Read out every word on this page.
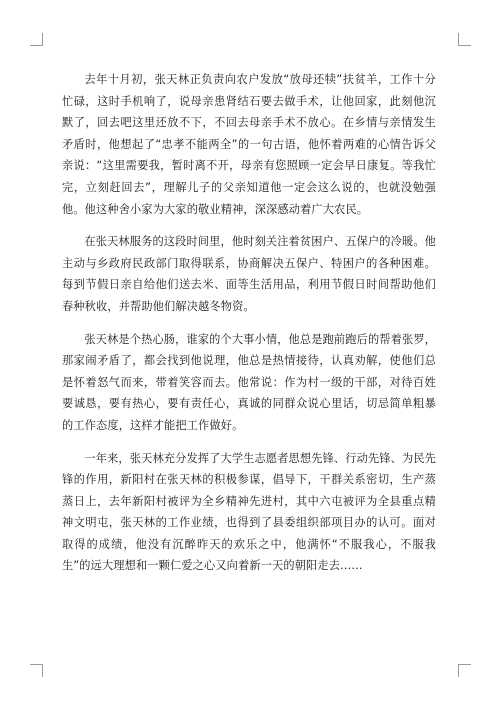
去年十月初，张天林正负责向农户发放“放母还犊”扶贫羊，工作十分忙碌，这时手机响了，说母亲患肾结石要去做手术，让他回家，此刻他沉默了，回去吧这里还放不下，不回去母亲手术不放心。在乡情与亲情发生矛盾时，他想起了“忠孝不能两全”的一句古语，他怀着两难的心情告诉父亲说：“这里需要我，暂时离不开，母亲有您照顾一定会早日康复。等我忙完，立刻赶回去”，理解儿子的父亲知道他一定会这么说的，也就没勉强他。他这种舍小家为大家的敬业精神，深深感动着广大农民。

在张天林服务的这段时间里，他时刻关注着贫困户、五保户的冷暖。他主动与乡政府民政部门取得联系，协商解决五保户、特困户的各种困难。每到节假日亲自给他们送去米、面等生活用品，利用节假日时间帮助他们春种秋收，并帮助他们解决越冬物资。

张天林是个热心肠，谁家的个大事小情，他总是跑前跑后的帮着张罗，那家闹矛盾了，都会找到他说理，他总是热情接待，认真劝解，使他们总是怀着怒气而来，带着笑容而去。他常说：作为村一级的干部，对待百姓要诚恳，要有热心，要有责任心，真诚的同群众说心里话，切忌简单粗暴的工作态度，这样才能把工作做好。

一年来，张天林充分发挥了大学生志愿者思想先锋、行动先锋、为民先锋的作用，新阳村在张天林的积极参谋，倡导下，干群关系密切，生产蒸蒸日上，去年新阳村被评为全乡精神先进村，其中六屯被评为全县重点精神文明屯，张天林的工作业绩，也得到了县委组织部项目办的认可。面对取得的成绩，他没有沉醉昨天的欢乐之中，他满怀“不服我心，不服我生”的远大理想和一颗仁爱之心又向着新一天的朝阳走去……
